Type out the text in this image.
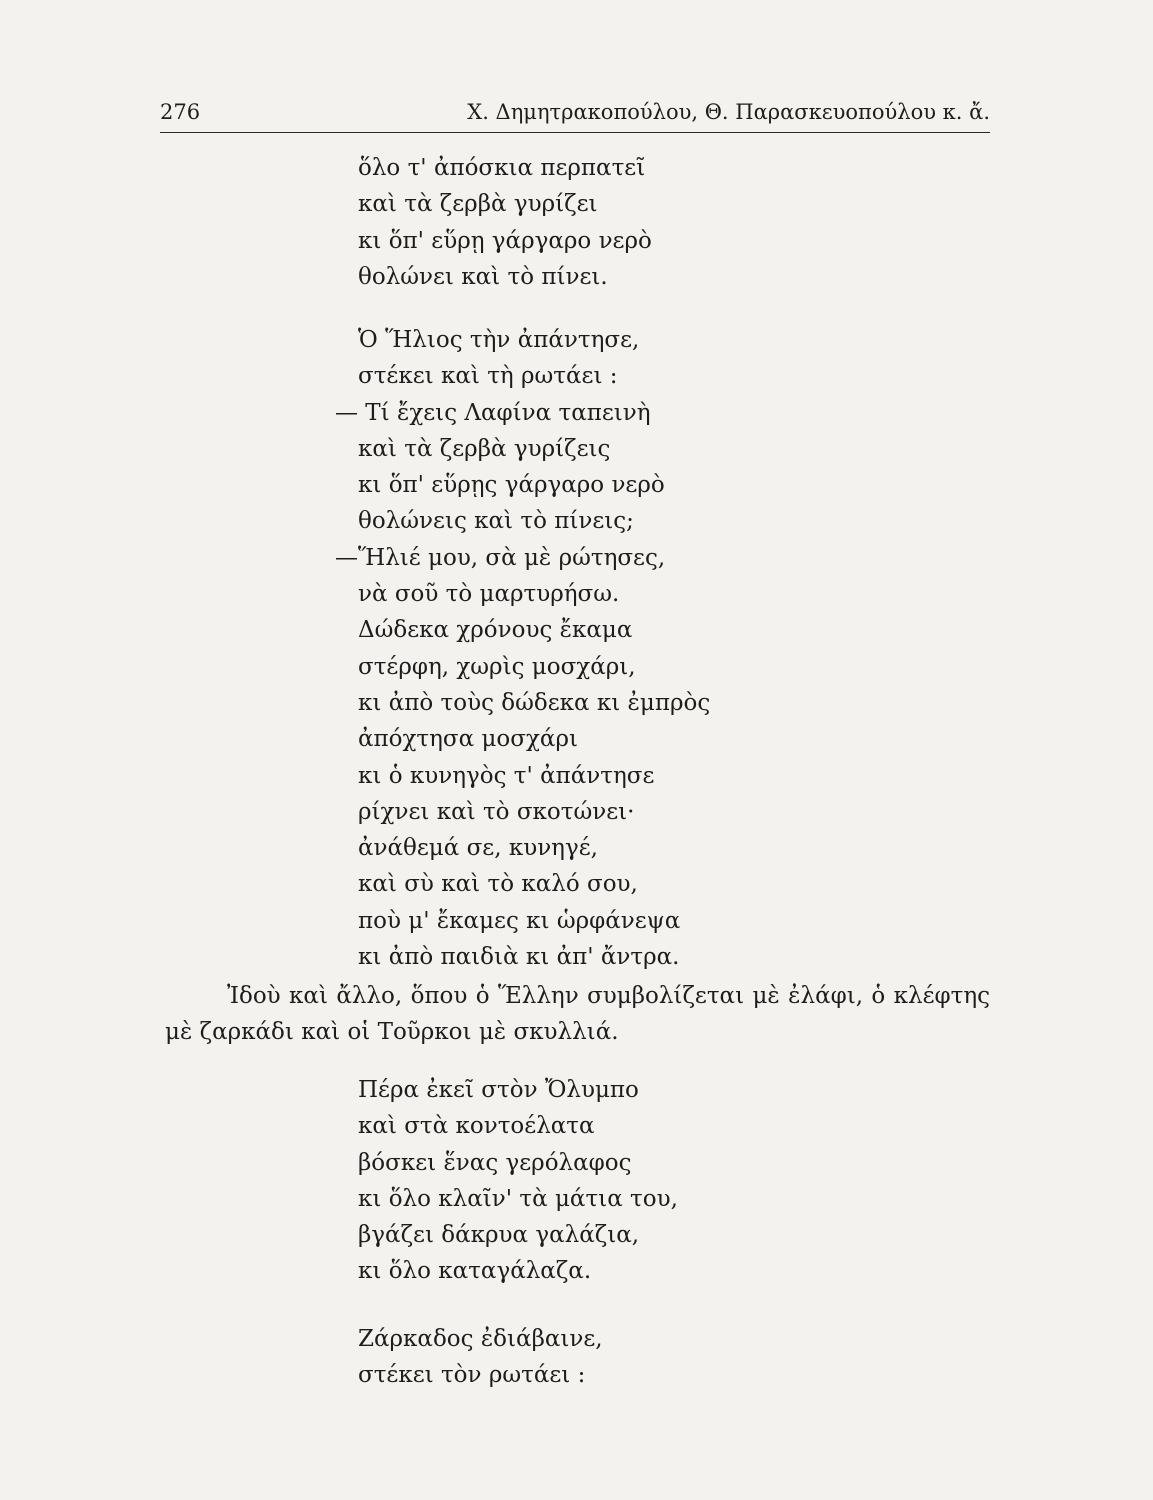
276	Χ. Δημητρακοπούλου, Θ. Παρασκευοπούλου κ. ἄ.
ὅλο τ' ἀπόσκια περπατεῖ
καὶ τὰ ζερβὰ γυρίζει
κι ὅπ' εὕρῃ γάργαρο νερὸ
θολώνει καὶ τὸ πίνει.
Ὁ Ἥλιος τὴν ἀπάντησε,
στέκει καὶ τὴ ρωτάει :
— Τί ἔχεις Λαφίνα ταπεινὴ
καὶ τὰ ζερβὰ γυρίζεις
κι ὅπ' εὕρῃς γάργαρο νερὸ
θολώνεις καὶ τὸ πίνεις;
—Ἥλιέ μου, σὰ μὲ ρώτησες,
νὰ σοῦ τὸ μαρτυρήσω.
Δώδεκα χρόνους ἔκαμα
στέρφη, χωρὶς μοσχάρι,
κι ἀπὸ τοὺς δώδεκα κι ἐμπρὸς
ἀπόχτησα μοσχάρι
κι ὁ κυνηγὸς τ' ἀπάντησε
ρίχνει καὶ τὸ σκοτώνει·
ἀνάθεμά σε, κυνηγέ,
καὶ σὺ καὶ τὸ καλό σου,
ποὺ μ' ἔκαμες κι ὡρφάνεψα
κι ἀπὸ παιδιὰ κι ἀπ' ἄντρα.

Ἰδοὺ καὶ ἄλλο, ὅπου ὁ Ἕλλην συμβολίζεται μὲ ἐλάφι, ὁ κλέφτης μὲ ζαρκάδι καὶ οἱ Τοῦρκοι μὲ σκυλλιά.

Πέρα ἐκεῖ στὸν Ὄλυμπο
καὶ στὰ κοντοέλατα
βόσκει ἕνας γερόλαφος
κι ὅλο κλαῖν' τὰ μάτια του,
βγάζει δάκρυα γαλάζια,
κι ὅλο καταγάλαζα.
Ζάρκαδος ἐδιάβαινε,
στέκει τὸν ρωτάει :
